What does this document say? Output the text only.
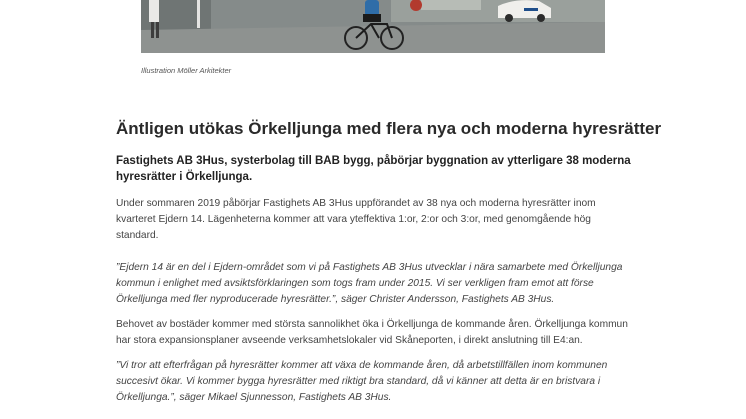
Illustration Möller Arkitekter
Äntligen utökas Örkelljunga med flera nya och moderna hyresrätter

Fastighets AB 3Hus, systerbolag till BAB bygg, påbörjar byggnation av ytterligare 38 moderna hyresrätter i Örkelljunga.

Under sommaren 2019 påbörjar Fastighets AB 3Hus uppförandet av 38 nya och moderna hyresrätter inom kvarteret Ejdern 14. Lägenheterna kommer att vara yteffektiva 1:or, 2:or och 3:or, med genomgående hög standard.

”Ejdern 14 är en del i Ejdern-området som vi på Fastighets AB 3Hus utvecklar i nära samarbete med Örkelljunga kommun i enlighet med avsiktsförklaringen som togs fram under 2015. Vi ser verkligen fram emot att förse Örkelljunga med fler nyproducerade hyresrätter.”, säger Christer Andersson, Fastighets AB 3Hus.

Behovet av bostäder kommer med största sannolikhet öka i Örkelljunga de kommande åren. Örkelljunga kommun har stora expansionsplaner avseende verksamhetslokaler vid Skåneporten, i direkt anslutning till E4:an.

”Vi tror att efterfrågan på hyresrätter kommer att växa de kommande åren, då arbetstillfällen inom kommunen succesivt ökar. Vi kommer bygga hyresrätter med riktigt bra standard, då vi känner att detta är en bristvara i Örkelljunga.”, säger Mikael Sjunnesson, Fastighets AB 3Hus.
